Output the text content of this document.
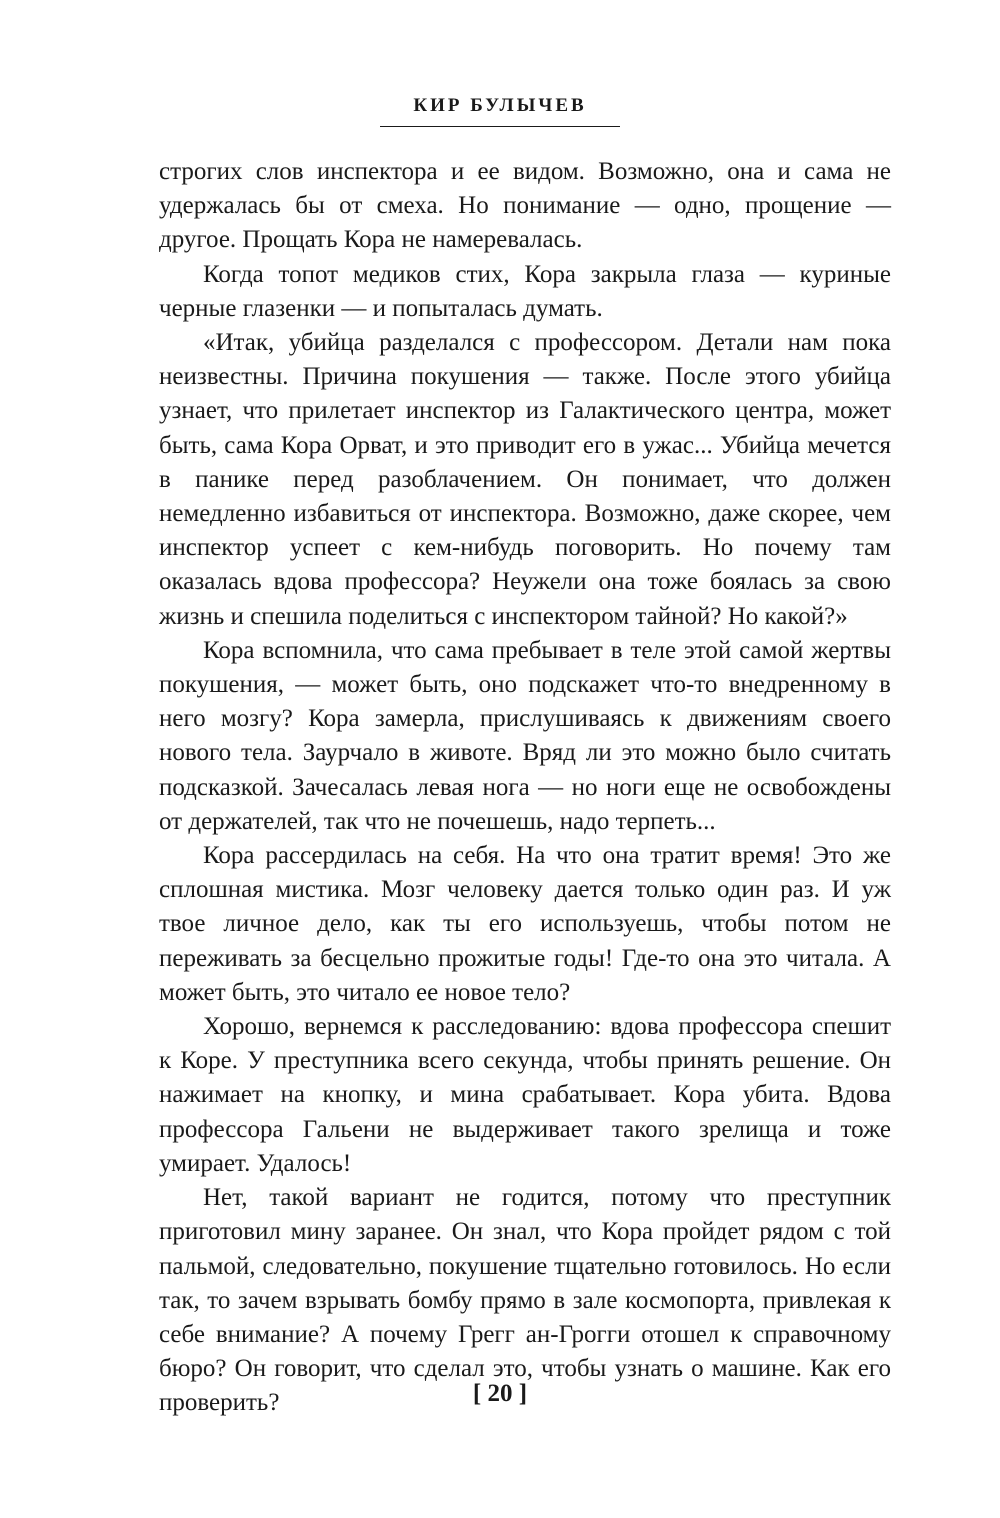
КИР БУЛЫЧЕВ

строгих слов инспектора и ее видом. Возможно, она и сама не удержалась бы от смеха. Но понимание — одно, прощение — другое. Прощать Кора не намеревалась.

Когда топот медиков стих, Кора закрыла глаза — куриные черные глазенки — и попыталась думать.

«Итак, убийца разделался с профессором. Детали нам пока неизвестны. Причина покушения — также. После этого убийца узнает, что прилетает инспектор из Галактического центра, может быть, сама Кора Орват, и это приводит его в ужас... Убийца мечется в панике перед разоблачением. Он понимает, что должен немедленно избавиться от инспектора. Возможно, даже скорее, чем инспектор успеет с кем-нибудь поговорить. Но почему там оказалась вдова профессора? Неужели она тоже боялась за свою жизнь и спешила поделиться с инспектором тайной? Но какой?»

Кора вспомнила, что сама пребывает в теле этой самой жертвы покушения, — может быть, оно подскажет что-то внедренному в него мозгу? Кора замерла, прислушиваясь к движениям своего нового тела. Заурчало в животе. Вряд ли это можно было считать подсказкой. Зачесалась левая нога — но ноги еще не освобождены от держателей, так что не почешешь, надо терпеть...

Кора рассердилась на себя. На что она тратит время! Это же сплошная мистика. Мозг человеку дается только один раз. И уж твое личное дело, как ты его используешь, чтобы потом не переживать за бесцельно прожитые годы! Где-то она это читала. А может быть, это читало ее новое тело?

Хорошо, вернемся к расследованию: вдова профессора спешит к Коре. У преступника всего секунда, чтобы принять решение. Он нажимает на кнопку, и мина срабатывает. Кора убита. Вдова профессора Гальени не выдерживает такого зрелища и тоже умирает. Удалось!

Нет, такой вариант не годится, потому что преступник приготовил мину заранее. Он знал, что Кора пройдет рядом с той пальмой, следовательно, покушение тщательно готовилось. Но если так, то зачем взрывать бомбу прямо в зале космопорта, привлекая к себе внимание? А почему Грегг ан-Грогги отошел к справочному бюро? Он говорит, что сделал это, чтобы узнать о машине. Как его проверить?	[ 20 ]
